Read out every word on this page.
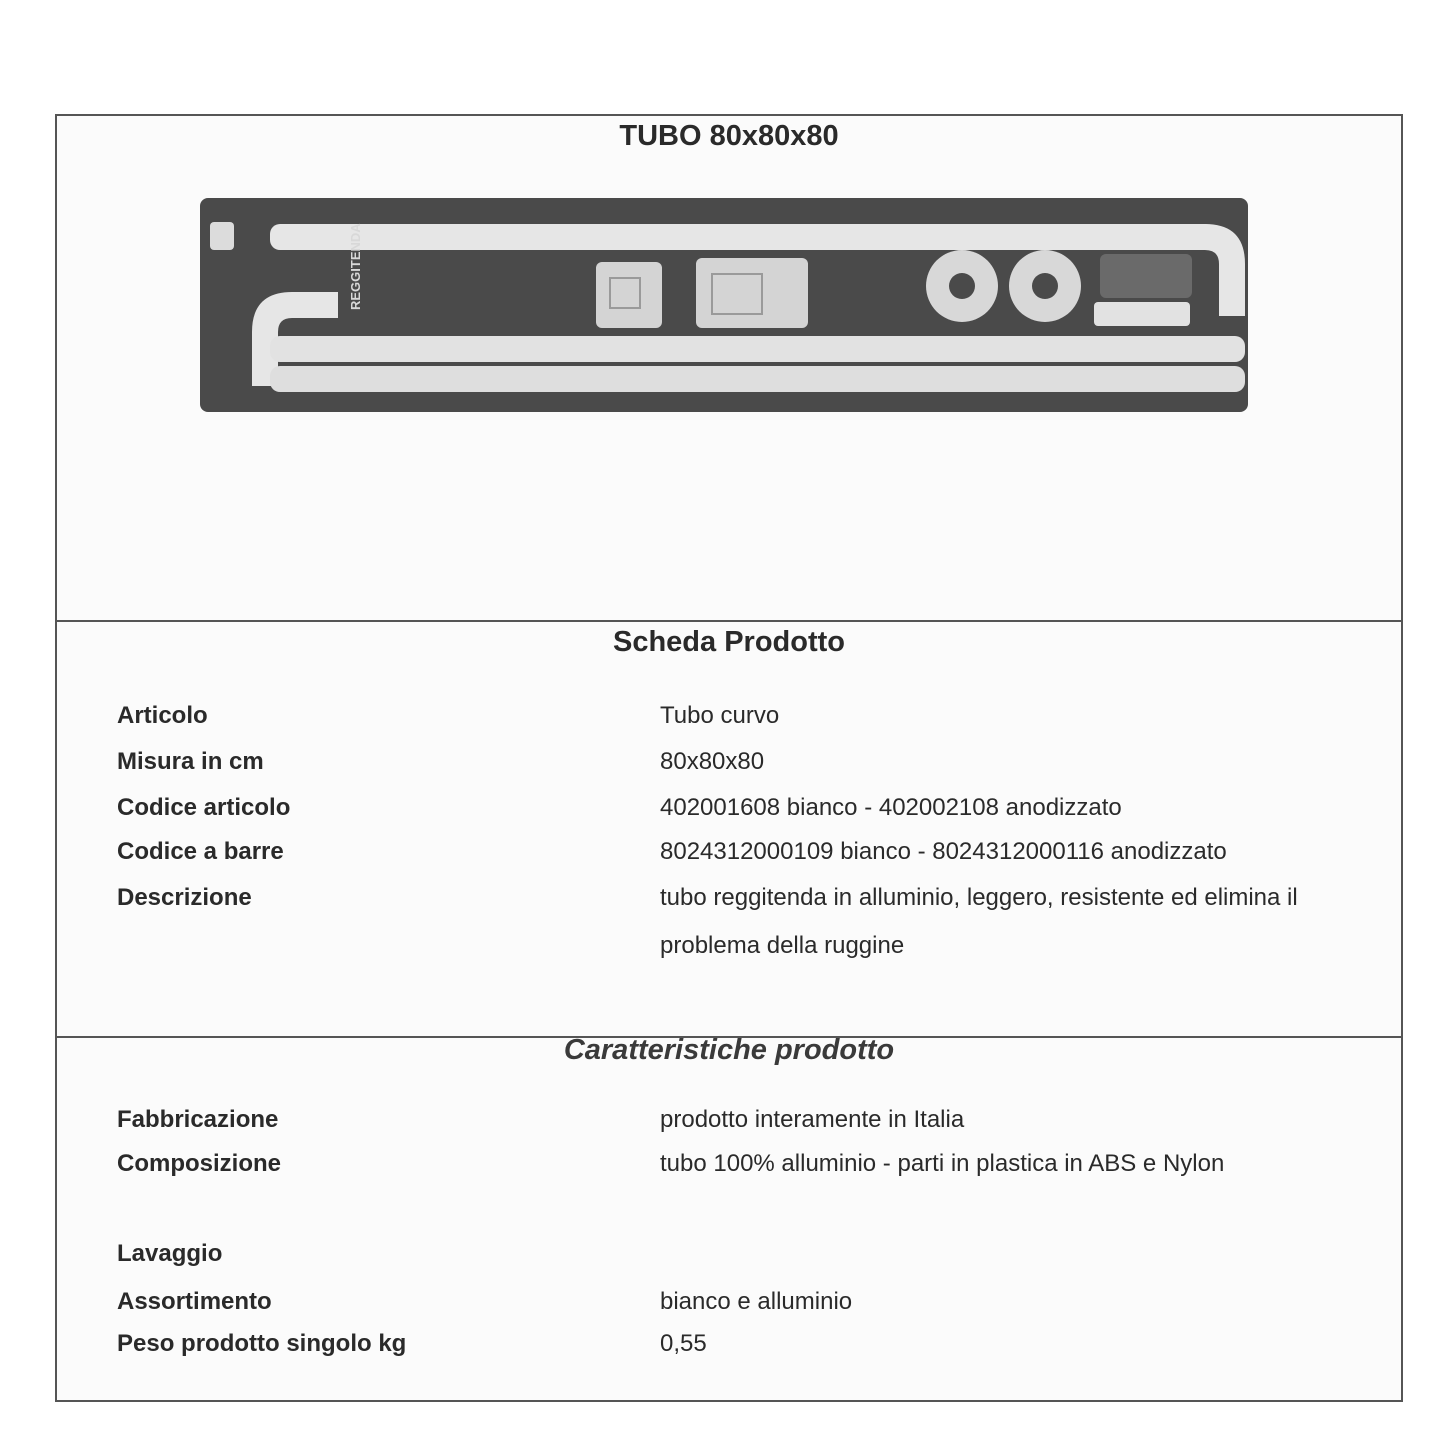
TUBO 80x80x80
REGGITENDA
Scheda Prodotto
Articolo	Tubo curvo
Misura in cm	80x80x80
Codice articolo	402001608 bianco - 402002108 anodizzato
Codice a barre	8024312000109 bianco - 8024312000116 anodizzato
Descrizione	tubo reggitenda in alluminio, leggero, resistente ed elimina il problema della ruggine
Caratteristiche prodotto
Fabbricazione	prodotto interamente in Italia
Composizione	tubo 100% alluminio - parti in plastica in ABS e Nylon
Lavaggio
Assortimento	bianco e alluminio
Peso prodotto singolo kg	0,55
